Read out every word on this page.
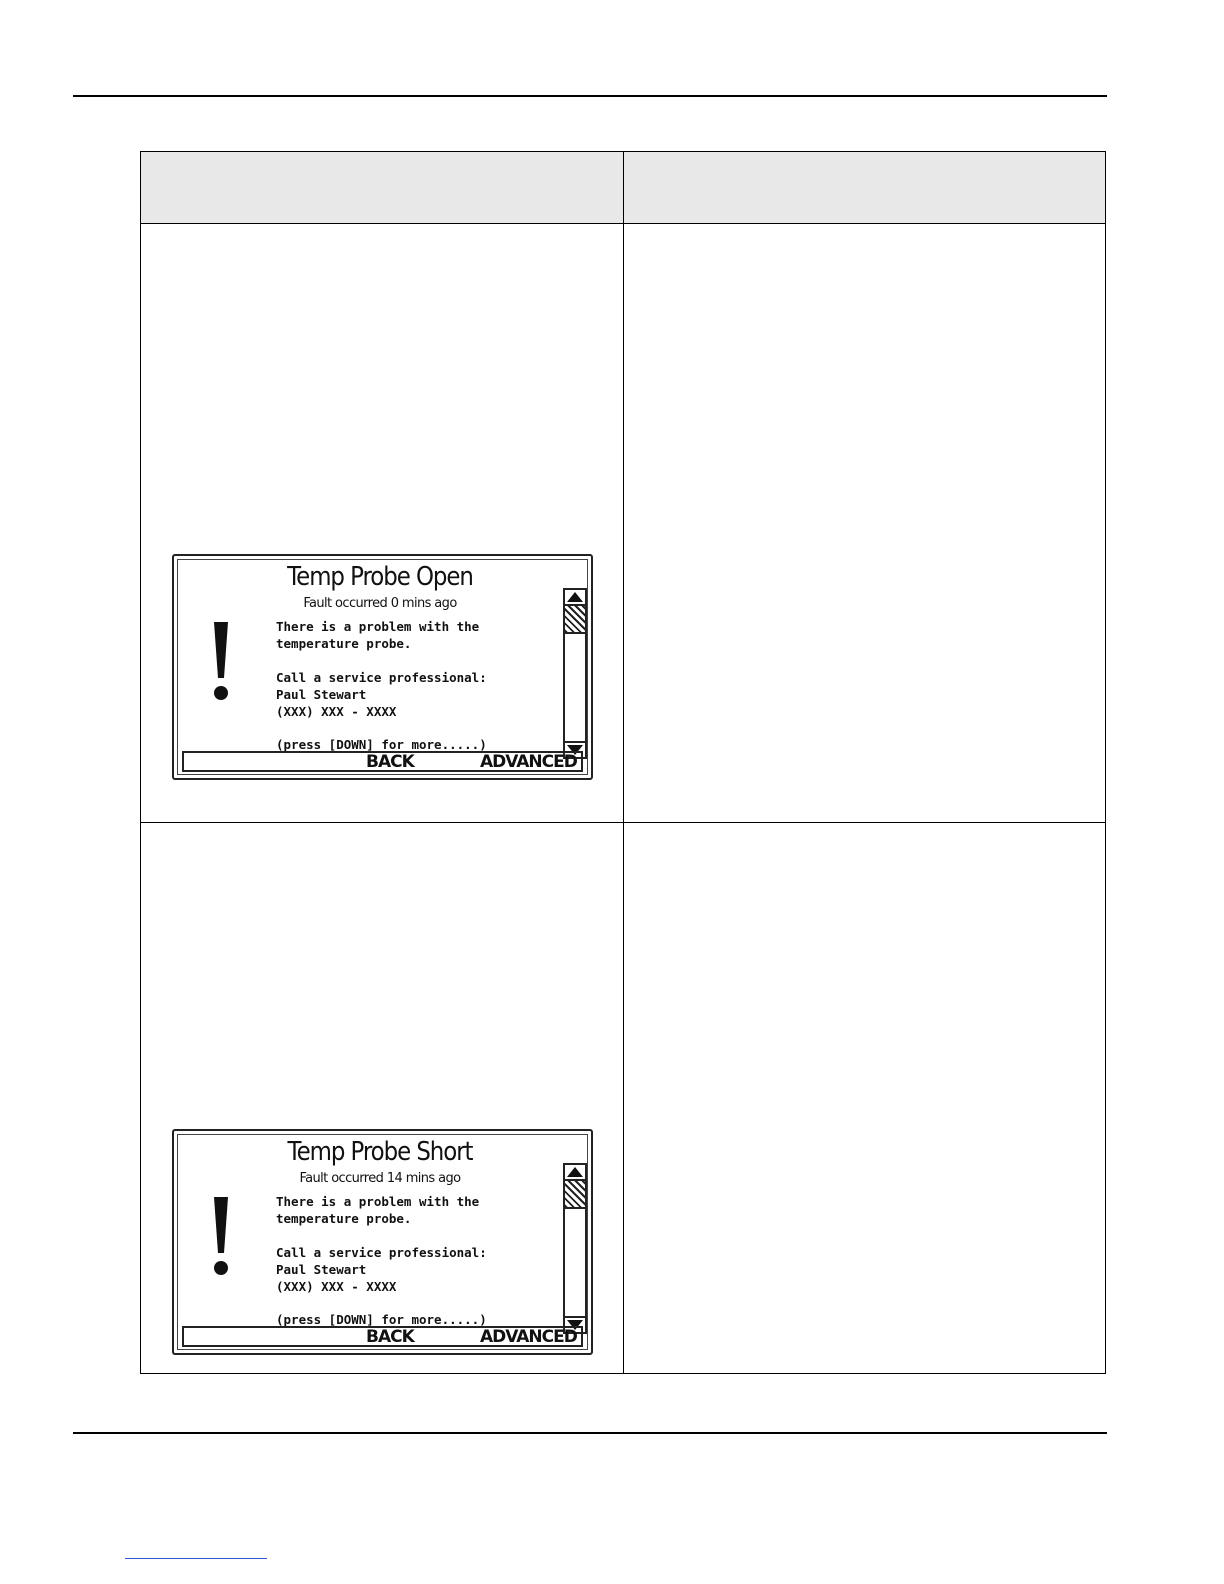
Temp Probe Open
Fault occurred 0 mins ago
There is a problem with the
temperature probe.
Call a service professional:
Paul Stewart
(XXX) XXX - XXXX
(press [DOWN] for more.....)
BACK	ADVANCED
Temp Probe Short
Fault occurred 14 mins ago
There is a problem with the
temperature probe.
Call a service professional:
Paul Stewart
(XXX) XXX - XXXX
(press [DOWN] for more.....)
BACK	ADVANCED
